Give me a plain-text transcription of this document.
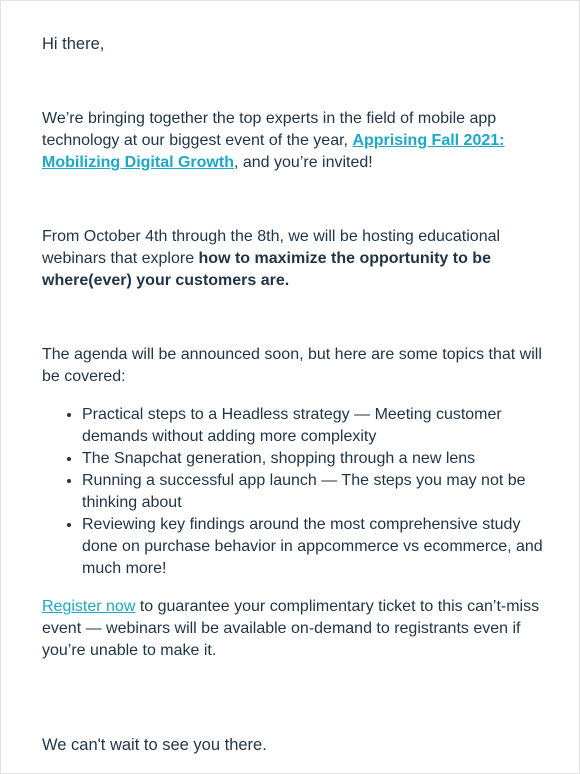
Hi there,

We’re bringing together the top experts in the field of mobile app technology at our biggest event of the year, Apprising Fall 2021: Mobilizing Digital Growth, and you’re invited!

From October 4th through the 8th, we will be hosting educational webinars that explore how to maximize the opportunity to be where(ever) your customers are.

The agenda will be announced soon, but here are some topics that will be covered:

• Practical steps to a Headless strategy — Meeting customer demands without adding more complexity
• The Snapchat generation, shopping through a new lens
• Running a successful app launch — The steps you may not be thinking about
• Reviewing key findings around the most comprehensive study done on purchase behavior in appcommerce vs ecommerce, and much more!

Register now to guarantee your complimentary ticket to this can’t-miss event — webinars will be available on-demand to registrants even if you’re unable to make it.

We can't wait to see you there.
